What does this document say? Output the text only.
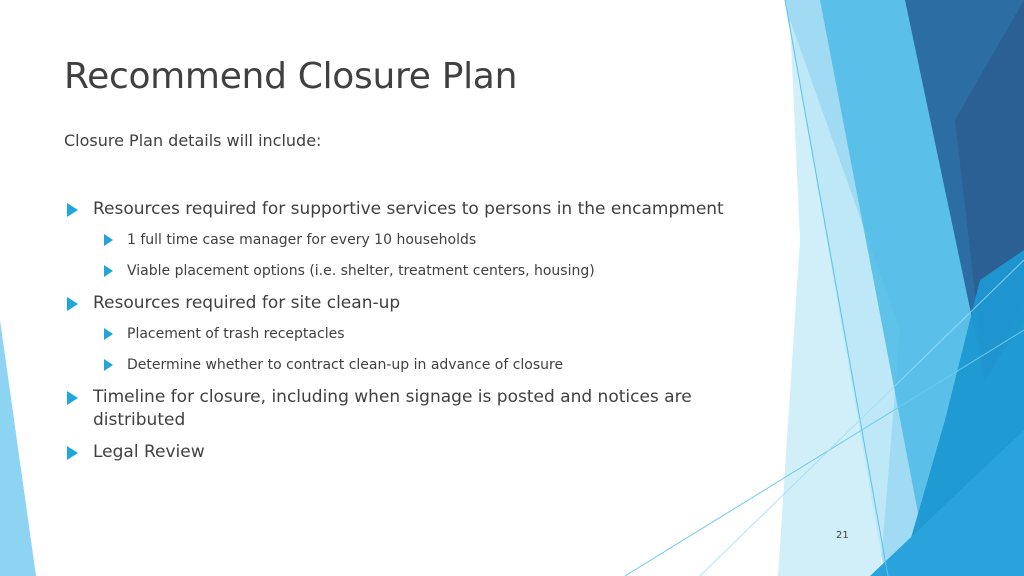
Recommend Closure Plan
Closure Plan details will include:
Resources required for supportive services to persons in the encampment
1 full time case manager for every 10 households
Viable placement options (i.e. shelter, treatment centers, housing)
Resources required for site clean-up
Placement of trash receptacles
Determine whether to contract clean-up in advance of closure
Timeline for closure, including when signage is posted and notices are distributed
Legal Review
21
